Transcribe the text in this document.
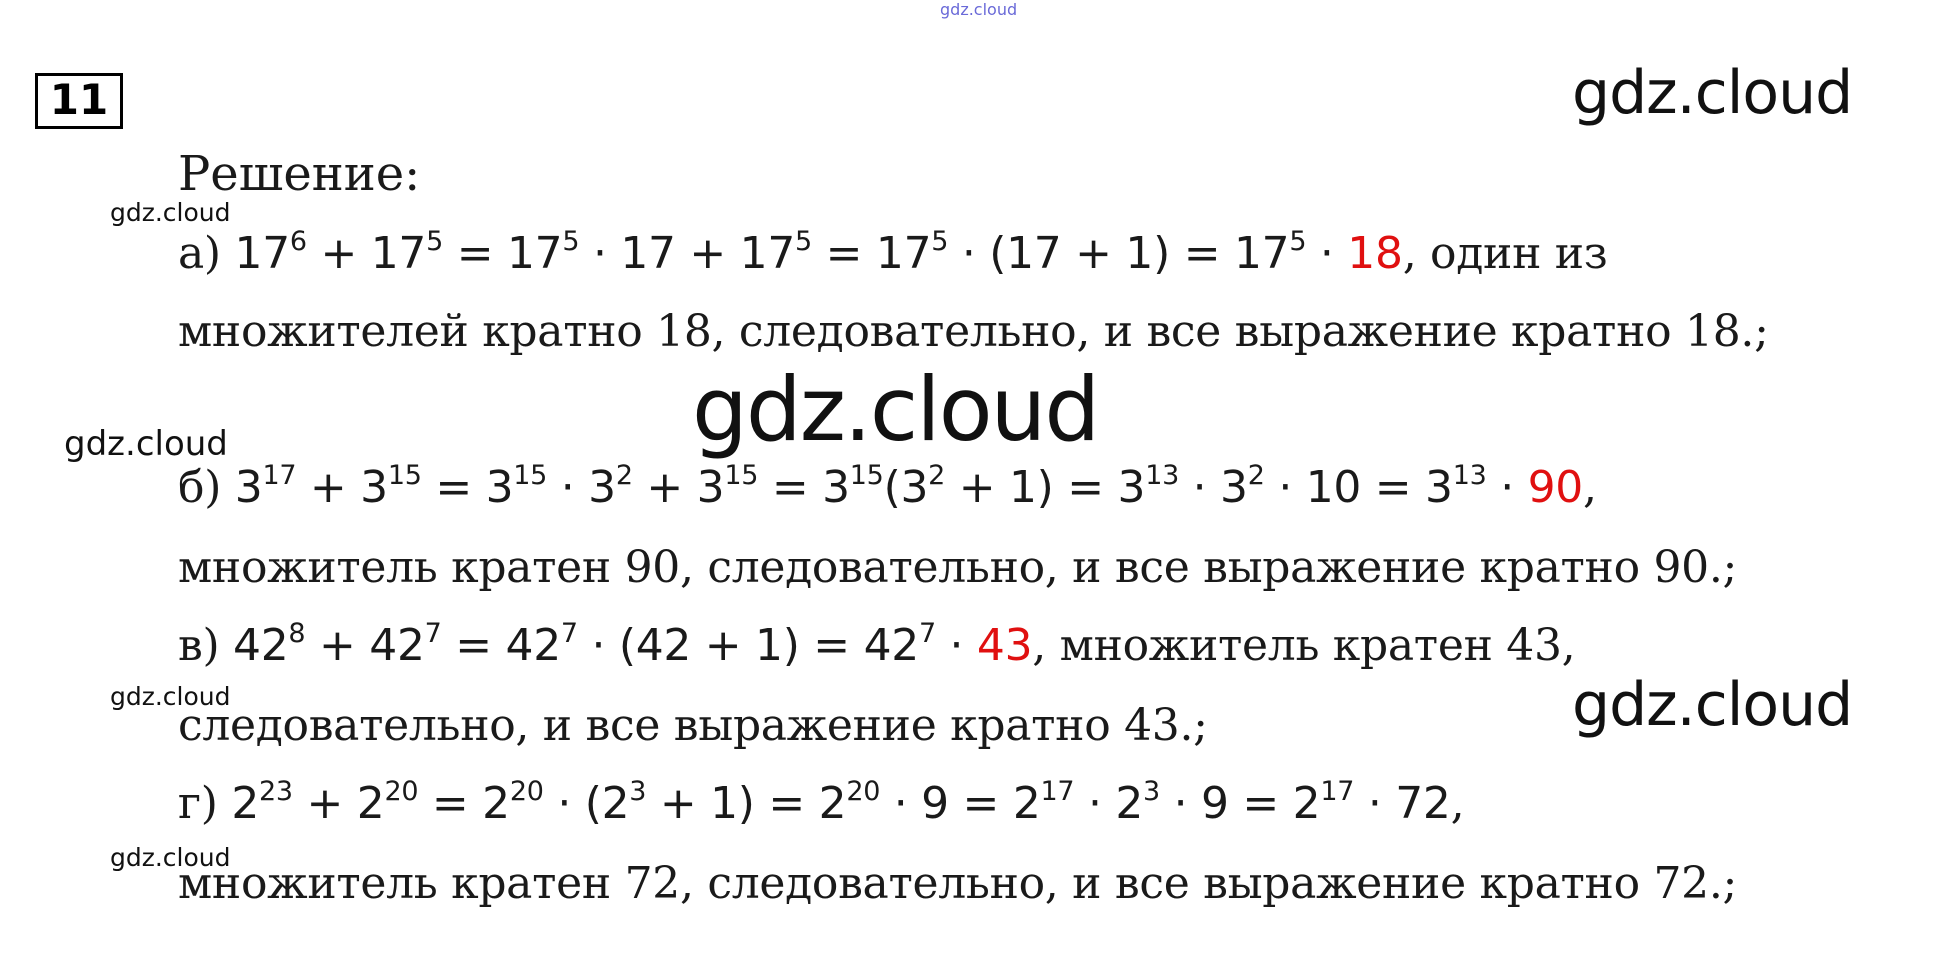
gdz.cloud
gdz.cloud
gdz.cloud
gdz.cloud
gdz.cloud
gdz.cloud	gdz.cloud
gdz.cloud
11
Решение:
а) $17^6 + 17^5 = 17^5 \cdot 17 + 17^5 = 17^5 \cdot (17 + 1) = 17^5 \cdot 18$, один из
множителей кратно 18, следовательно, и все выражение кратно 18.;
б) $3^{17} + 3^{15} = 3^{15} \cdot 3^2 + 3^{15} = 3^{15}(3^2 + 1) = 3^{13} \cdot 3^2 \cdot 10 = 3^{13} \cdot 90$,
множитель кратен 90, следовательно, и все выражение кратно 90.;
в) $42^8 + 42^7 = 42^7 \cdot (42 + 1) = 42^7 \cdot 43$, множитель кратен 43,
следовательно, и все выражение кратно 43.;
г) $2^{23} + 2^{20} = 2^{20} \cdot (2^3 + 1) = 2^{20} \cdot 9 = 2^{17} \cdot 2^3 \cdot 9 = 2^{17} \cdot 72$,
множитель кратен 72, следовательно, и все выражение кратно 72.;
